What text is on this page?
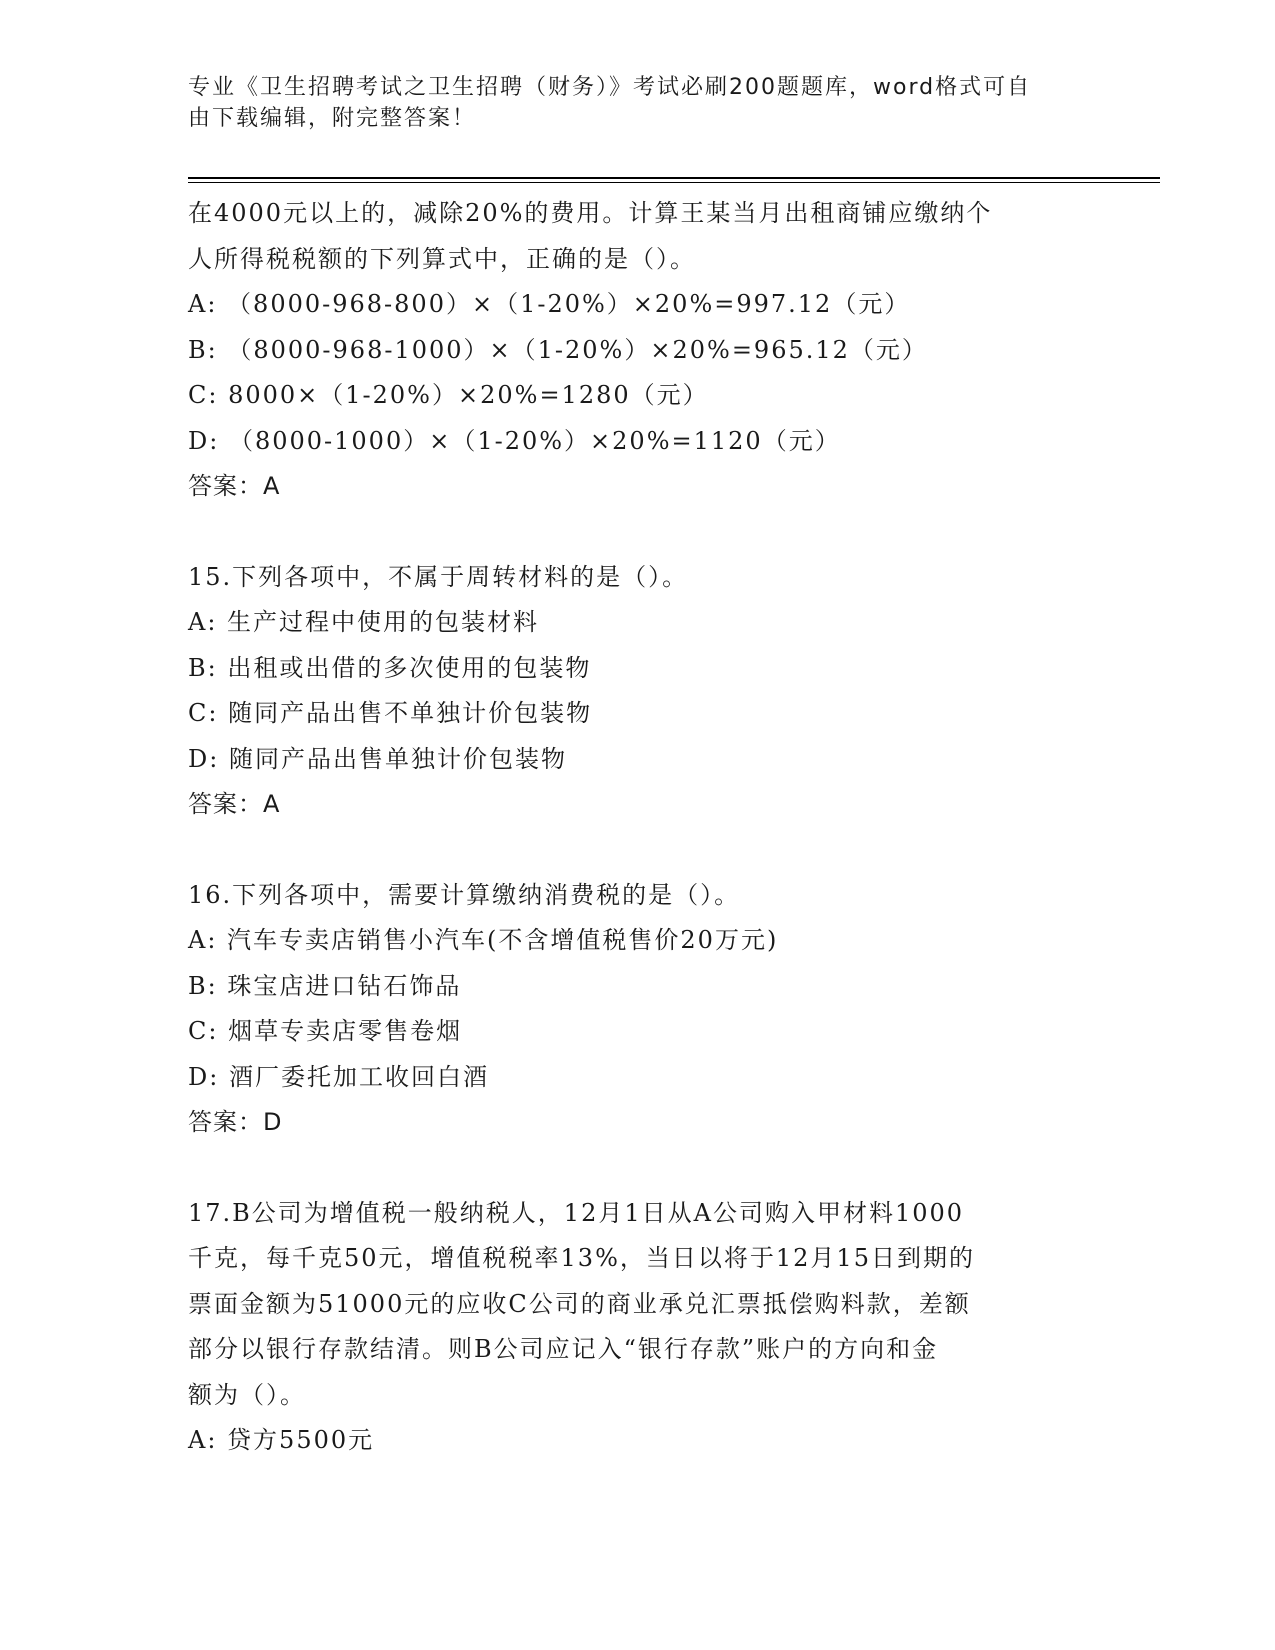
专业《卫生招聘考试之卫生招聘（财务）》考试必刷200题题库，word格式可自
由下载编辑，附完整答案！
在4000元以上的，减除20%的费用。计算王某当月出租商铺应缴纳个
人所得税税额的下列算式中，正确的是（）。
A: （8000-968-800）×（1-20%）×20%=997.12（元）
B: （8000-968-1000）×（1-20%）×20%=965.12（元）
C: 8000×（1-20%）×20%=1280（元）
D: （8000-1000）×（1-20%）×20%=1120（元）
答案：A
15.下列各项中，不属于周转材料的是（）。
A: 生产过程中使用的包装材料
B: 出租或出借的多次使用的包装物
C: 随同产品出售不单独计价包装物
D: 随同产品出售单独计价包装物
答案：A
16.下列各项中，需要计算缴纳消费税的是（）。
A: 汽车专卖店销售小汽车(不含增值税售价20万元)
B: 珠宝店进口钻石饰品
C: 烟草专卖店零售卷烟
D: 酒厂委托加工收回白酒
答案：D
17.B公司为增值税一般纳税人，12月1日从A公司购入甲材料1000
千克，每千克50元，增值税税率13%，当日以将于12月15日到期的
票面金额为51000元的应收C公司的商业承兑汇票抵偿购料款，差额
部分以银行存款结清。则B公司应记入“银行存款”账户的方向和金
额为（）。
A: 贷方5500元
